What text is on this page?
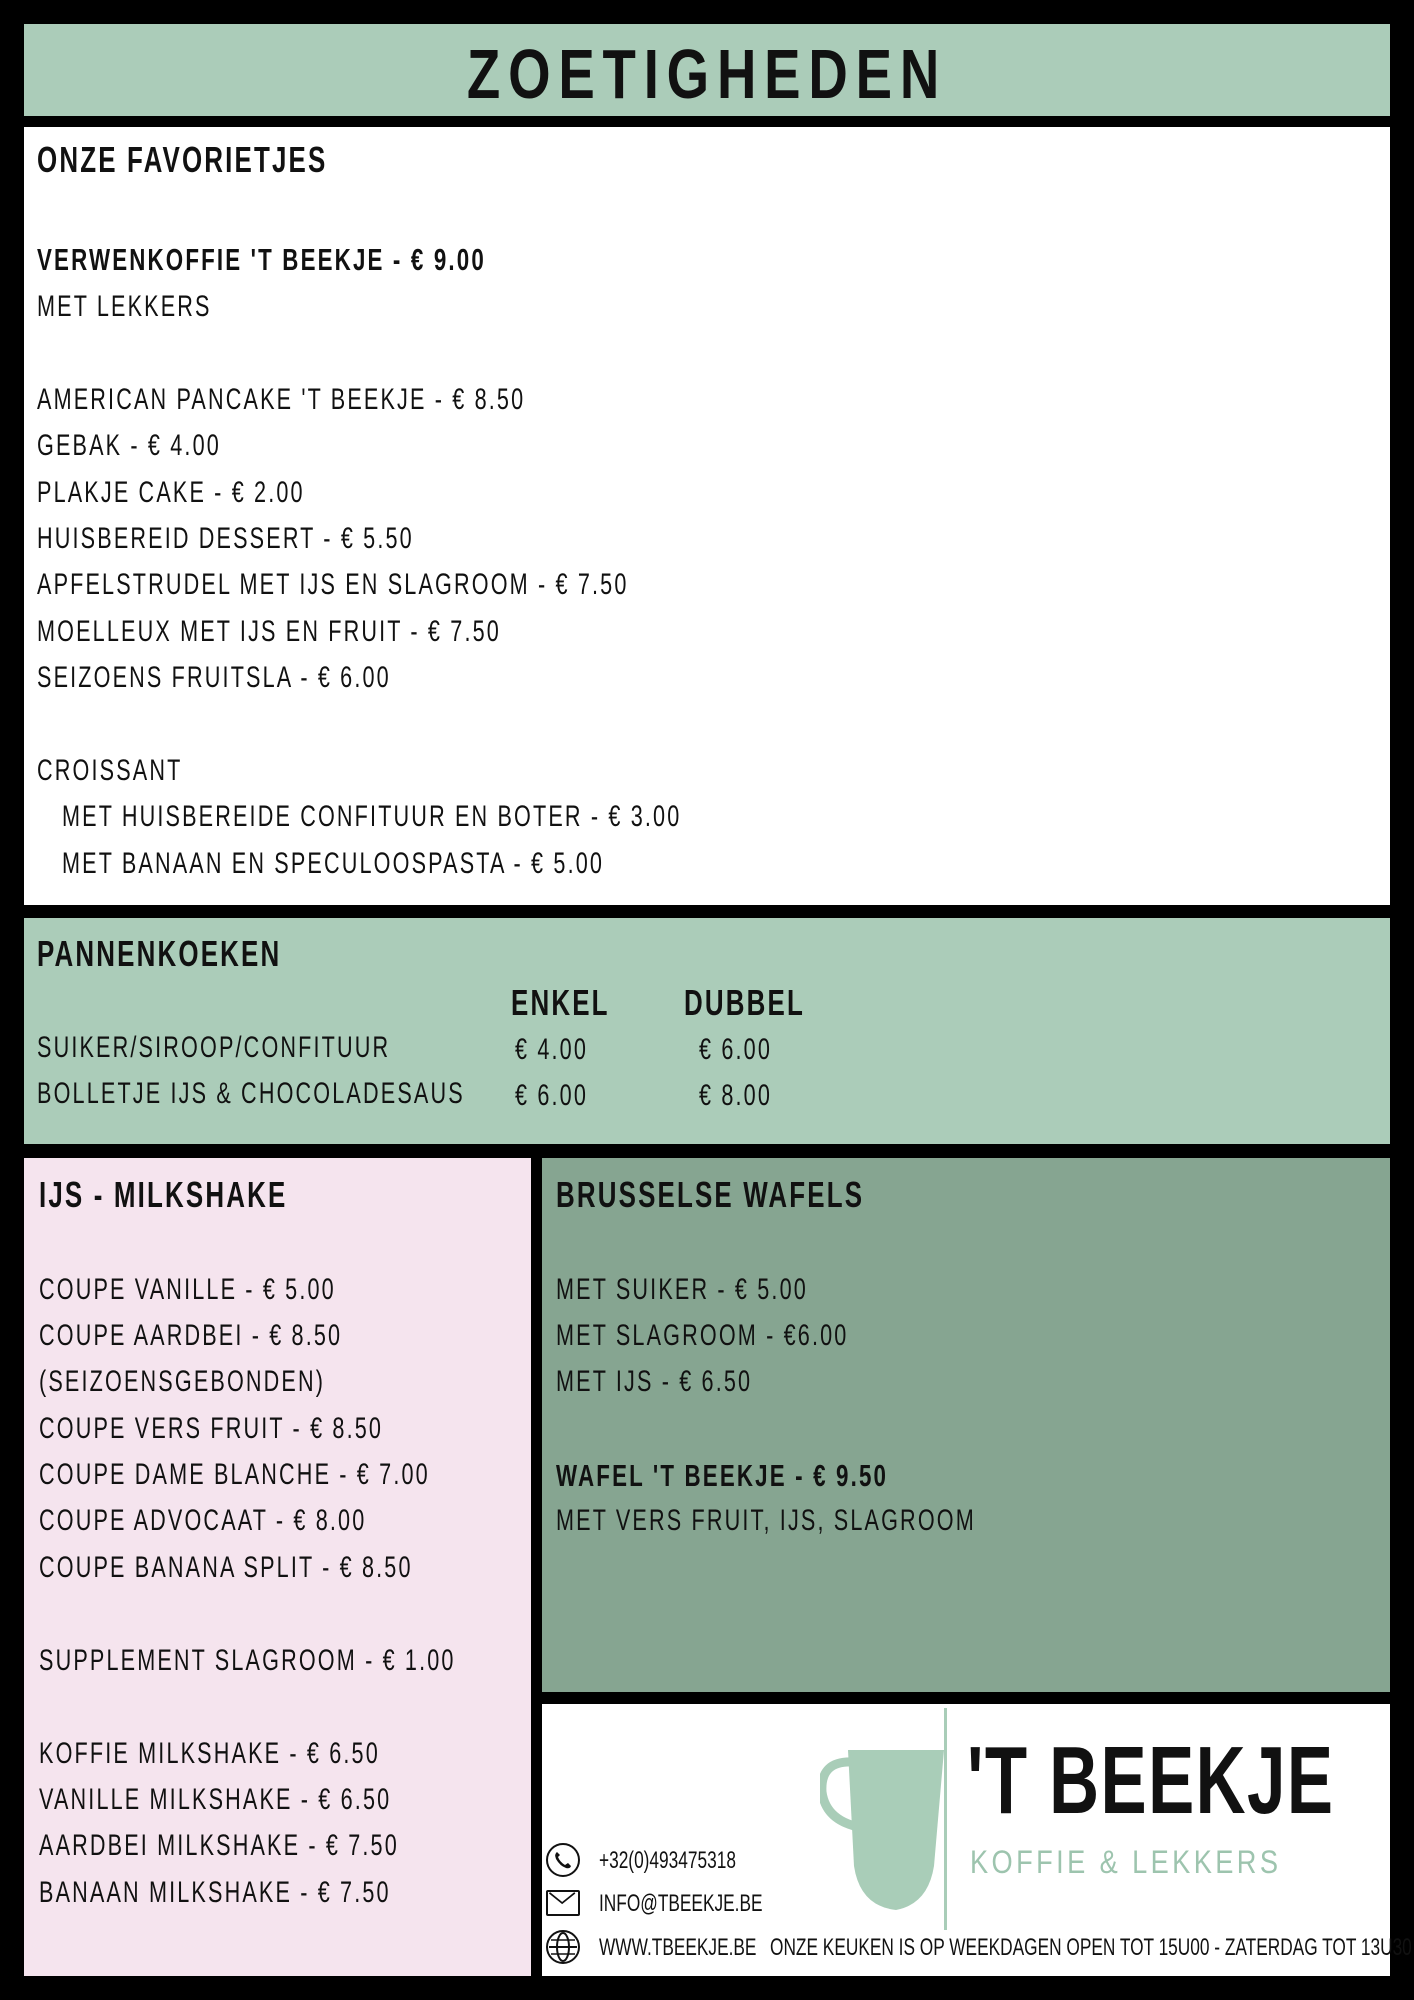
ZOETIGHEDEN
ONZE FAVORIETJES
VERWENKOFFIE 'T BEEKJE - € 9.00
MET LEKKERS
AMERICAN PANCAKE 'T BEEKJE - € 8.50
GEBAK - € 4.00
PLAKJE CAKE - € 2.00
HUISBEREID DESSERT - € 5.50
APFELSTRUDEL MET IJS EN SLAGROOM - € 7.50
MOELLEUX MET IJS EN FRUIT - € 7.50
SEIZOENS FRUITSLA - € 6.00
CROISSANT
MET HUISBEREIDE CONFITUUR EN BOTER - € 3.00
MET BANAAN EN SPECULOOSPASTA - € 5.00
PANNENKOEKEN
ENKEL DUBBEL
SUIKER/SIROOP/CONFITUUR	€ 4.00	€ 6.00
BOLLETJE IJS & CHOCOLADESAUS € 6.00	€ 8.00
IJS - MILKSHAKE
COUPE VANILLE - € 5.00
COUPE AARDBEI - € 8.50
(SEIZOENSGEBONDEN)
COUPE VERS FRUIT - € 8.50
COUPE DAME BLANCHE - € 7.00
COUPE ADVOCAAT - € 8.00
COUPE BANANA SPLIT - € 8.50
SUPPLEMENT SLAGROOM - € 1.00
KOFFIE MILKSHAKE - € 6.50
VANILLE MILKSHAKE - € 6.50
AARDBEI MILKSHAKE - € 7.50
BANAAN MILKSHAKE - € 7.50
BRUSSELSE WAFELS
MET SUIKER - € 5.00
MET SLAGROOM - €6.00
MET IJS - € 6.50
WAFEL 'T BEEKJE - € 9.50
MET VERS FRUIT, IJS, SLAGROOM
'T BEEKJE
KOFFIE & LEKKERS
+32(0)493475318
INFO@TBEEKJE.BE
WWW.TBEEKJE.BE ONZE KEUKEN IS OP WEEKDAGEN OPEN TOT 15U00 - ZATERDAG TOT 13U30
